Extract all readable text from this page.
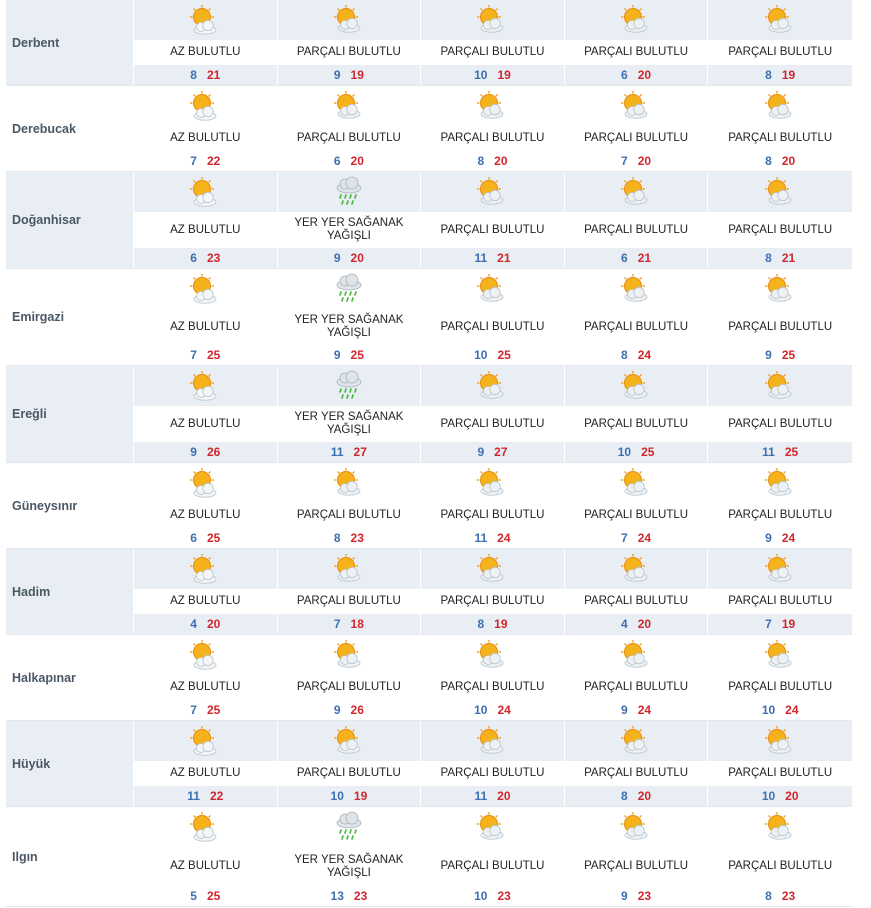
Derbent
AZ BULUTLU
8 21
PARÇALI BULUTLU
9 19
PARÇALI BULUTLU
10 19
PARÇALI BULUTLU
6 20
PARÇALI BULUTLU
8 19
Derebucak
AZ BULUTLU
7 22
PARÇALI BULUTLU
6 20
PARÇALI BULUTLU
8 20
PARÇALI BULUTLU
7 20
PARÇALI BULUTLU
8 20
Doğanhisar
AZ BULUTLU
6 23
YER YER SAĞANAK YAĞIŞLI
9 20
PARÇALI BULUTLU
11 21
PARÇALI BULUTLU
6 21
PARÇALI BULUTLU
8 21
Emirgazi
AZ BULUTLU
7 25
YER YER SAĞANAK YAĞIŞLI
9 25
PARÇALI BULUTLU
10 25
PARÇALI BULUTLU
8 24
PARÇALI BULUTLU
9 25
Ereğli
AZ BULUTLU
9 26
YER YER SAĞANAK YAĞIŞLI
11 27
PARÇALI BULUTLU
9 27
PARÇALI BULUTLU
10 25
PARÇALI BULUTLU
11 25
Güneysınır
AZ BULUTLU
6 25
PARÇALI BULUTLU
8 23
PARÇALI BULUTLU
11 24
PARÇALI BULUTLU
7 24
PARÇALI BULUTLU
9 24
Hadim
AZ BULUTLU
4 20
PARÇALI BULUTLU
7 18
PARÇALI BULUTLU
8 19
PARÇALI BULUTLU
4 20
PARÇALI BULUTLU
7 19
Halkapınar
AZ BULUTLU
7 25
PARÇALI BULUTLU
9 26
PARÇALI BULUTLU
10 24
PARÇALI BULUTLU
9 24
PARÇALI BULUTLU
10 24
Hüyük
AZ BULUTLU
11 22
PARÇALI BULUTLU
10 19
PARÇALI BULUTLU
11 20
PARÇALI BULUTLU
8 20
PARÇALI BULUTLU
10 20
Ilgın
AZ BULUTLU
5 25
YER YER SAĞANAK YAĞIŞLI
13 23
PARÇALI BULUTLU
10 23
PARÇALI BULUTLU
9 23
PARÇALI BULUTLU
8 23
